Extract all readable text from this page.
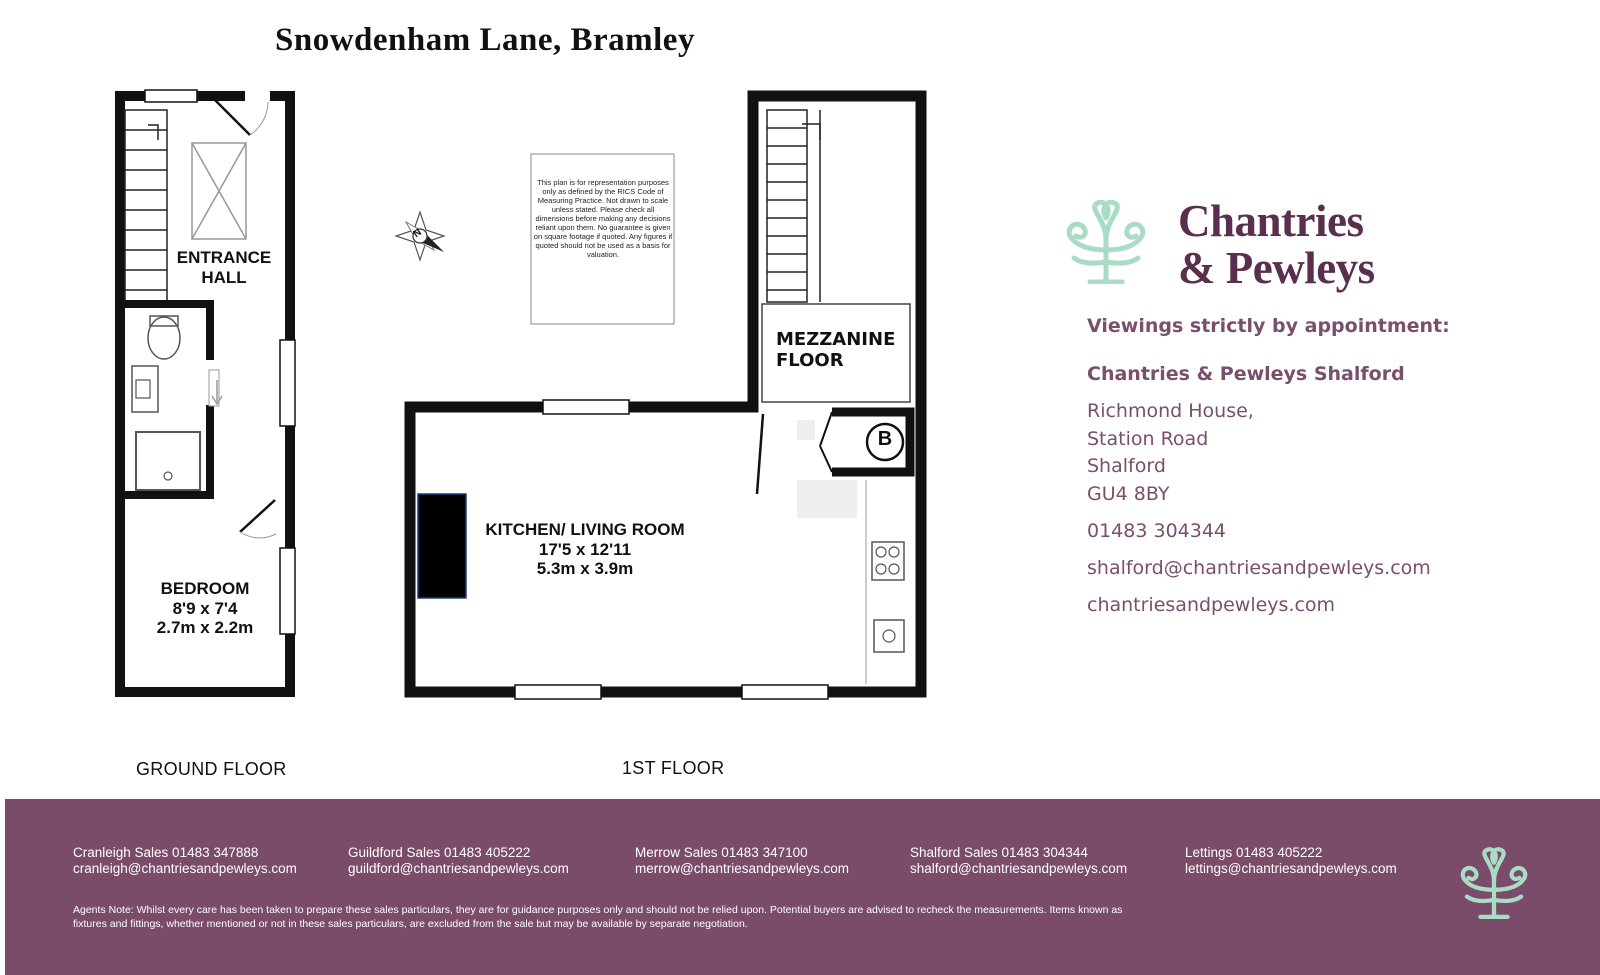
Snowdenham Lane, Bramley
N
This plan is for representation purposes only as defined by the RICS Code of Measuring Practice. Not drawn to scale unless stated. Please check all dimensions before making any decisions reliant upon them. No guarantee is given on square footage if quoted. Any figures if quoted should not be used as a basis for valuation.
ENTRANCE
HALL
BEDROOM
8'9 x 7'4
2.7m x 2.2m
KITCHEN/ LIVING ROOM
17'5 x 12'11
5.3m x 3.9m
MEZZANINE
FLOOR
B
GROUND FLOOR	1ST FLOOR
Chantries
& Pewleys
Viewings strictly by appointment:
Chantries & Pewleys Shalford
Richmond House,
Station Road
Shalford
GU4 8BY
01483 304344
shalford@chantriesandpewleys.com
chantriesandpewleys.com
Cranleigh Sales 01483 347888
cranleigh@chantriesandpewleys.com
Guildford Sales 01483 405222
guildford@chantriesandpewleys.com
Merrow Sales 01483 347100
merrow@chantriesandpewleys.com
Shalford Sales 01483 304344
shalford@chantriesandpewleys.com
Lettings 01483 405222
lettings@chantriesandpewleys.com
Agents Note: Whilst every care has been taken to prepare these sales particulars, they are for guidance purposes only and should not be relied upon. Potential buyers are advised to recheck the measurements. Items known as fixtures and fittings, whether mentioned or not in these sales particulars, are excluded from the sale but may be available by separate negotiation.
